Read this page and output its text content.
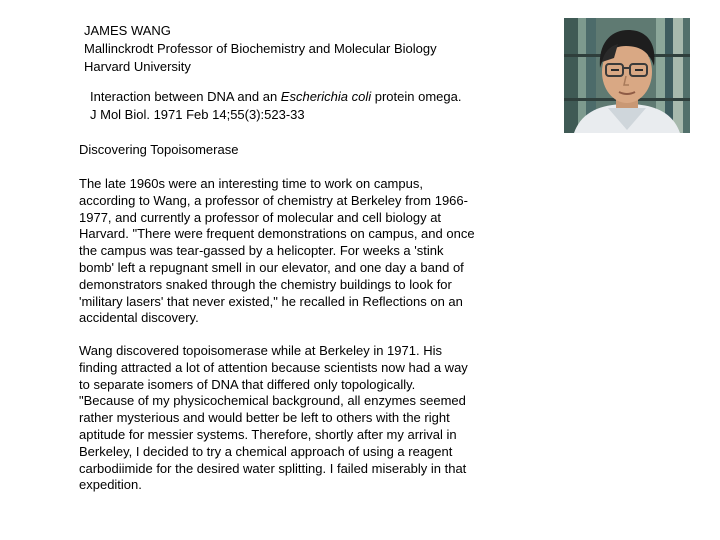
JAMES WANG
Mallinckrodt Professor of Biochemistry and Molecular Biology
Harvard University
Interaction between DNA and an Escherichia coli protein omega.
J Mol Biol. 1971 Feb 14;55(3):523-33
Discovering Topoisomerase
The late 1960s were an interesting time to work on campus,
according to Wang, a professor of chemistry at Berkeley from 1966-
1977, and currently a professor of molecular and cell biology at
Harvard. "There were frequent demonstrations on campus, and once
the campus was tear-gassed by a helicopter. For weeks a 'stink
bomb' left a repugnant smell in our elevator, and one day a band of
demonstrators snaked through the chemistry buildings to look for
'military lasers' that never existed," he recalled in Reflections on an
accidental discovery.
Wang discovered topoisomerase while at Berkeley in 1971. His
finding attracted a lot of attention because scientists now had a way
to separate isomers of DNA that differed only topologically.
"Because of my physicochemical background, all enzymes seemed
rather mysterious and would better be left to others with the right
aptitude for messier systems. Therefore, shortly after my arrival in
Berkeley, I decided to try a chemical approach of using a reagent
carbodiimide for the desired water splitting. I failed miserably in that
expedition.
